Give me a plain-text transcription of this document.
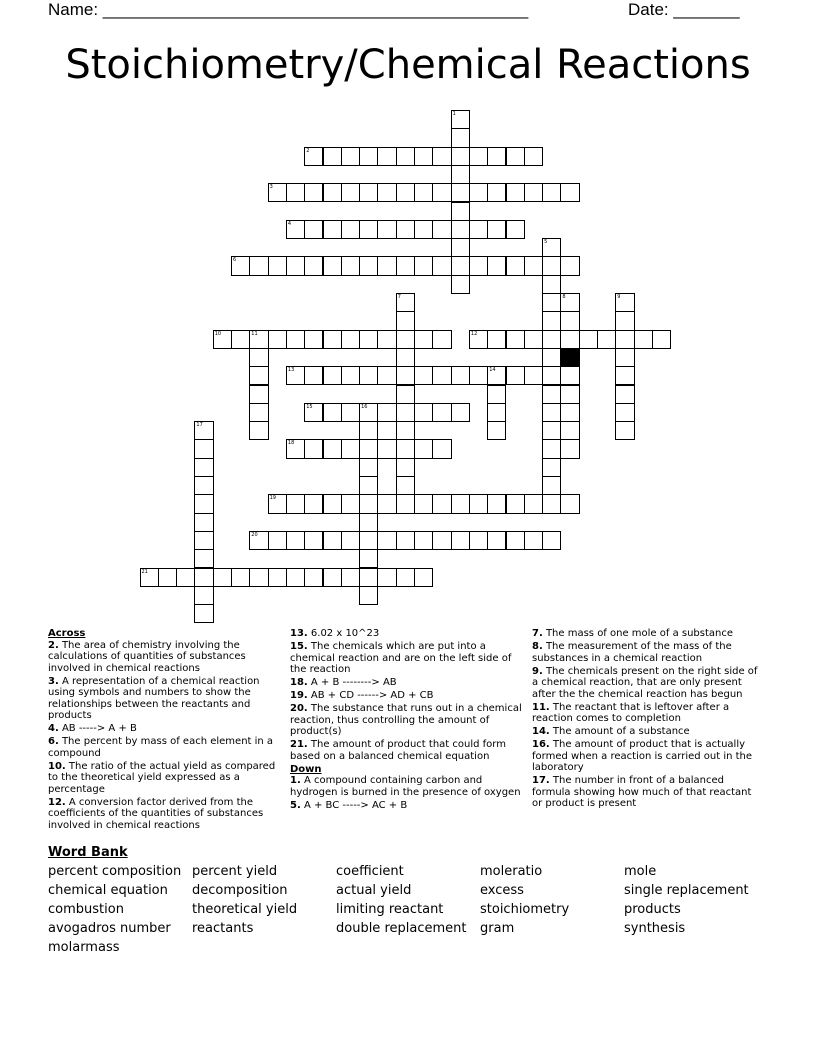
Name: _____________________________________________	Date: _______
Stoichiometry/Chemical Reactions
2
3
4
6
10	11	12
13	14
15	16
18
19
20
21
1
5
7	8	9
17
Across
2. The area of chemistry involving the calculations of quantities of substances involved in chemical reactions
3. A representation of a chemical reaction using symbols and numbers to show the relationships between the reactants and products
4. AB -----> A + B
6. The percent by mass of each element in a compound
10. The ratio of the actual yield as compared to the theoretical yield expressed as a percentage
12. A conversion factor derived from the coefficients of the quantities of substances involved in chemical reactions
13. 6.02 x 10^23
15. The chemicals which are put into a chemical reaction and are on the left side of the reaction
18. A + B --------> AB
19. AB + CD ------> AD + CB
20. The substance that runs out in a chemical reaction, thus controlling the amount of product(s)
21. The amount of product that could form based on a balanced chemical equation
Down
1. A compound containing carbon and hydrogen is burned in the presence of oxygen
5. A + BC -----> AC + B
7. The mass of one mole of a substance
8. The measurement of the mass of the substances in a chemical reaction
9. The chemicals present on the right side of a chemical reaction, that are only present after the the chemical reaction has begun
11. The reactant that is leftover after a reaction comes to completion
14. The amount of a substance
16. The amount of product that is actually formed when a reaction is carried out in the laboratory
17. The number in front of a balanced formula showing how much of that reactant or product is present
Word Bank
percent composition
chemical equation
combustion
avogadros number
molarmass
percent yield
decomposition
theoretical yield
reactants
coefficient
actual yield
limiting reactant
double replacement
moleratio
excess
stoichiometry
gram
mole
single replacement
products
synthesis
